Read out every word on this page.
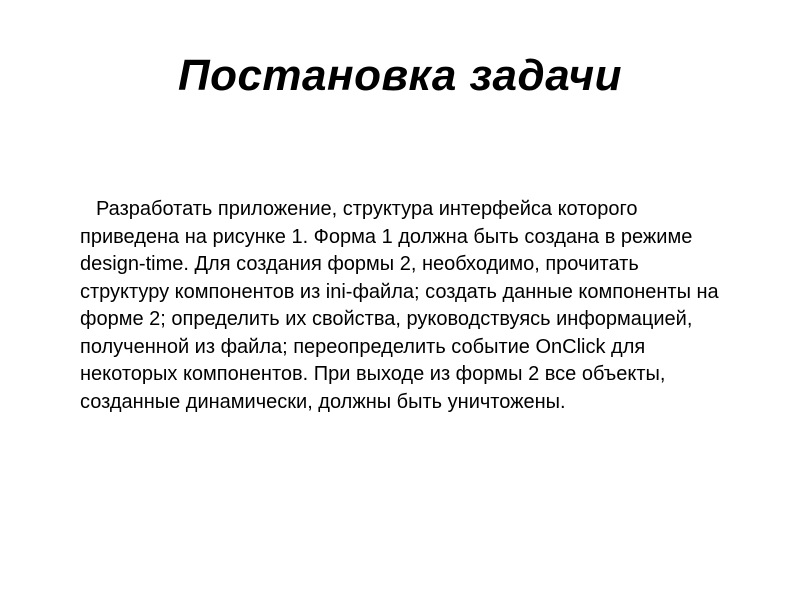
Постановка задачи

Разработать приложение, структура интерфейса которого приведена на рисунке 1. Форма 1 должна быть создана в режиме design-time. Для создания формы 2, необходимо, прочитать структуру компонентов из ini-файла; создать данные компоненты на форме 2; определить их свойства, руководствуясь информацией, полученной из файла; переопределить событие OnClick для некоторых компонентов. При выходе из формы 2 все объекты, созданные динамически, должны быть уничтожены.
